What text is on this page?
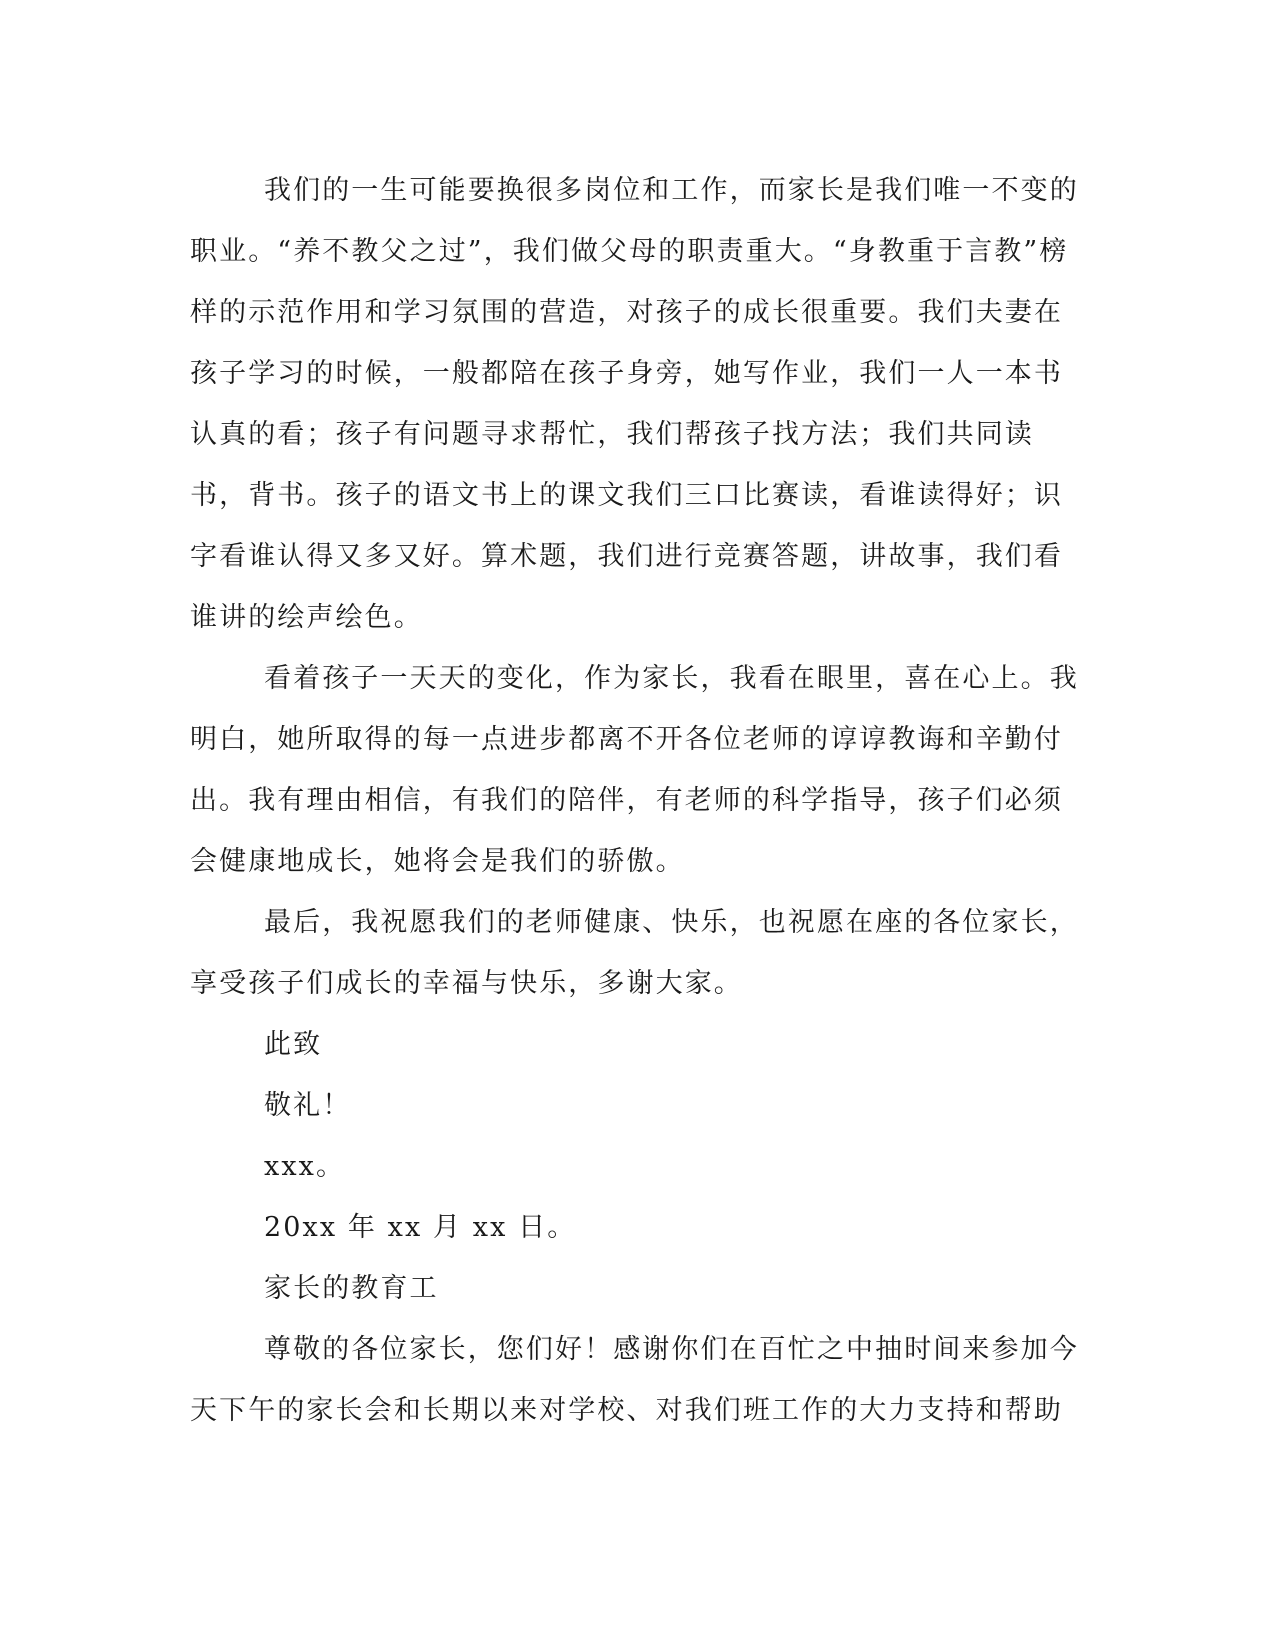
我们的一生可能要换很多岗位和工作，而家长是我们唯一不变的职业。“养不教父之过”，我们做父母的职责重大。“身教重于言教”榜样的示范作用和学习氛围的营造，对孩子的成长很重要。我们夫妻在孩子学习的时候，一般都陪在孩子身旁，她写作业，我们一人一本书认真的看；孩子有问题寻求帮忙，我们帮孩子找方法；我们共同读书，背书。孩子的语文书上的课文我们三口比赛读，看谁读得好；识字看谁认得又多又好。算术题，我们进行竞赛答题，讲故事，我们看谁讲的绘声绘色。

看着孩子一天天的变化，作为家长，我看在眼里，喜在心上。我明白，她所取得的每一点进步都离不开各位老师的谆谆教诲和辛勤付出。我有理由相信，有我们的陪伴，有老师的科学指导，孩子们必须会健康地成长，她将会是我们的骄傲。

最后，我祝愿我们的老师健康、快乐，也祝愿在座的各位家长，享受孩子们成长的幸福与快乐，多谢大家。

此致

敬礼！

xxx。

20xx 年 xx 月 xx 日。

家长的教育工

尊敬的各位家长，您们好！感谢你们在百忙之中抽时间来参加今天下午的家长会和长期以来对学校、对我们班工作的大力支持和帮助
